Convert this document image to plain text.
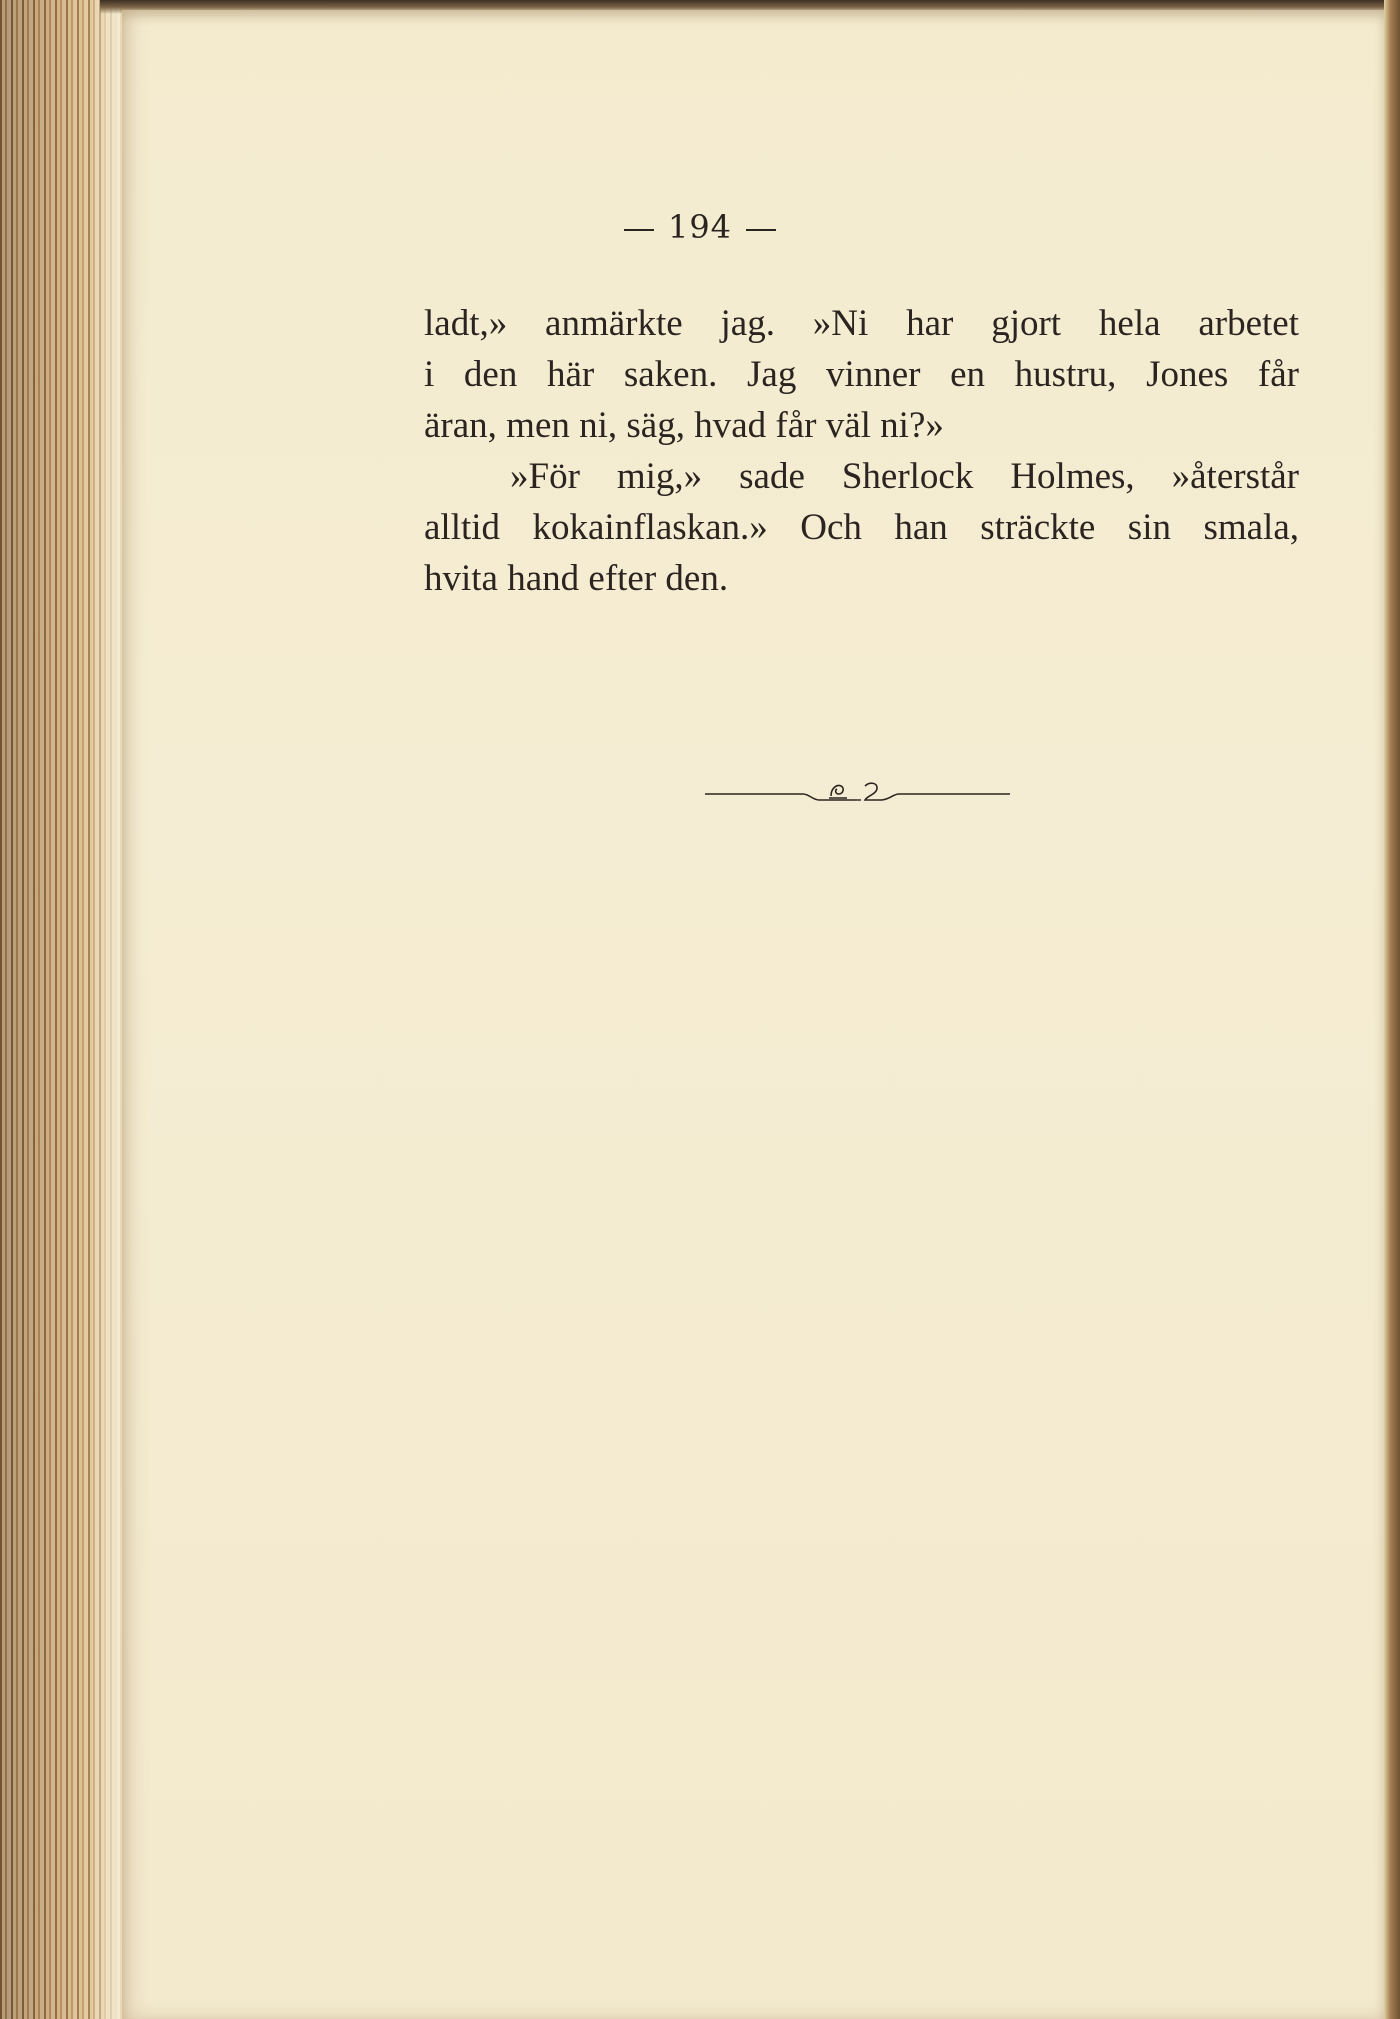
194
ladt,» anmärkte jag. »Ni har gjort hela arbetet
i den här saken. Jag vinner en hustru, Jones får
äran, men ni, säg, hvad får väl ni?»
»För mig,» sade Sherlock Holmes, »återstår
alltid kokainflaskan.» Och han sträckte sin smala,
hvita hand efter den.
